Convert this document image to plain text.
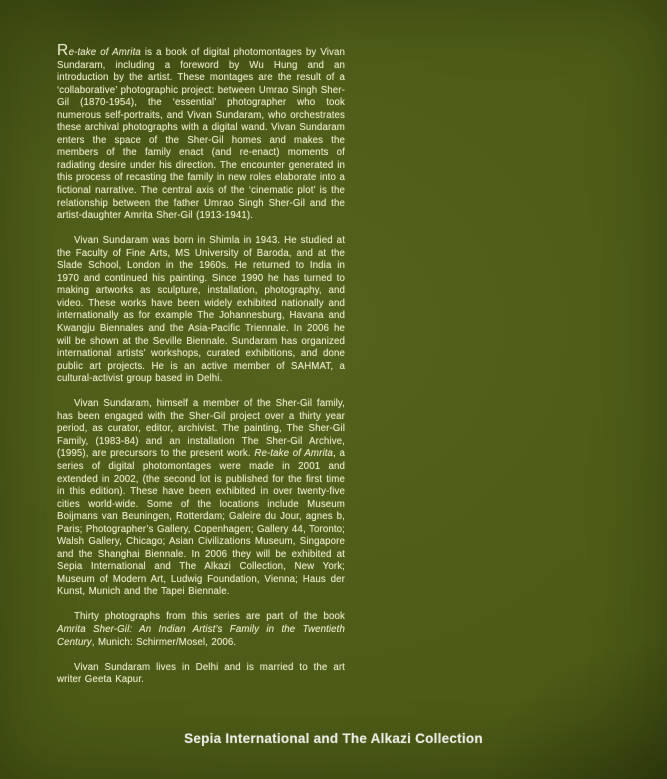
Re-take of Amrita is a book of digital photomontages by Vivan Sundaram, including a foreword by Wu Hung and an introduction by the artist. These montages are the result of a ‘collaborative’ photographic project: between Umrao Singh Sher-Gil (1870-1954), the ‘essential’ photographer who took numerous self-portraits, and Vivan Sundaram, who orchestrates these archival photographs with a digital wand. Vivan Sundaram enters the space of the Sher-Gil homes and makes the members of the family enact (and re-enact) moments of radiating desire under his direction. The encounter generated in this process of recasting the family in new roles elaborate into a fictional narrative. The central axis of the ‘cinematic plot’ is the relationship between the father Umrao Singh Sher-Gil and the artist-daughter Amrita Sher-Gil (1913-1941).

Vivan Sundaram was born in Shimla in 1943. He studied at the Faculty of Fine Arts, MS University of Baroda, and at the Slade School, London in the 1960s. He returned to India in 1970 and continued his painting. Since 1990 he has turned to making artworks as sculpture, installation, photography, and video. These works have been widely exhibited nationally and internationally as for example The Johannesburg, Havana and Kwangju Biennales and the Asia-Pacific Triennale. In 2006 he will be shown at the Seville Biennale. Sundaram has organized international artists’ workshops, curated exhibitions, and done public art projects. He is an active member of SAHMAT, a cultural-activist group based in Delhi.

Vivan Sundaram, himself a member of the Sher-Gil family, has been engaged with the Sher-Gil project over a thirty year period, as curator, editor, archivist. The painting, The Sher-Gil Family, (1983-84) and an installation The Sher-Gil Archive, (1995), are precursors to the present work. Re-take of Amrita, a series of digital photomontages were made in 2001 and extended in 2002, (the second lot is published for the first time in this edition). These have been exhibited in over twenty-five cities world-wide. Some of the locations include Museum Boijmans van Beuningen, Rotterdam; Galeire du Jour, agnes b, Paris; Photographer’s Gallery, Copenhagen; Gallery 44, Toronto; Walsh Gallery, Chicago; Asian Civilizations Museum, Singapore and the Shanghai Biennale. In 2006 they will be exhibited at Sepia International and The Alkazi Collection, New York; Museum of Modern Art, Ludwig Foundation, Vienna; Haus der Kunst, Munich and the Tapei Biennale.

Thirty photographs from this series are part of the book Amrita Sher-Gil: An Indian Artist’s Family in the Twentieth Century, Munich: Schirmer/Mosel, 2006.

Vivan Sundaram lives in Delhi and is married to the art writer Geeta Kapur.

Sepia International and The Alkazi Collection
